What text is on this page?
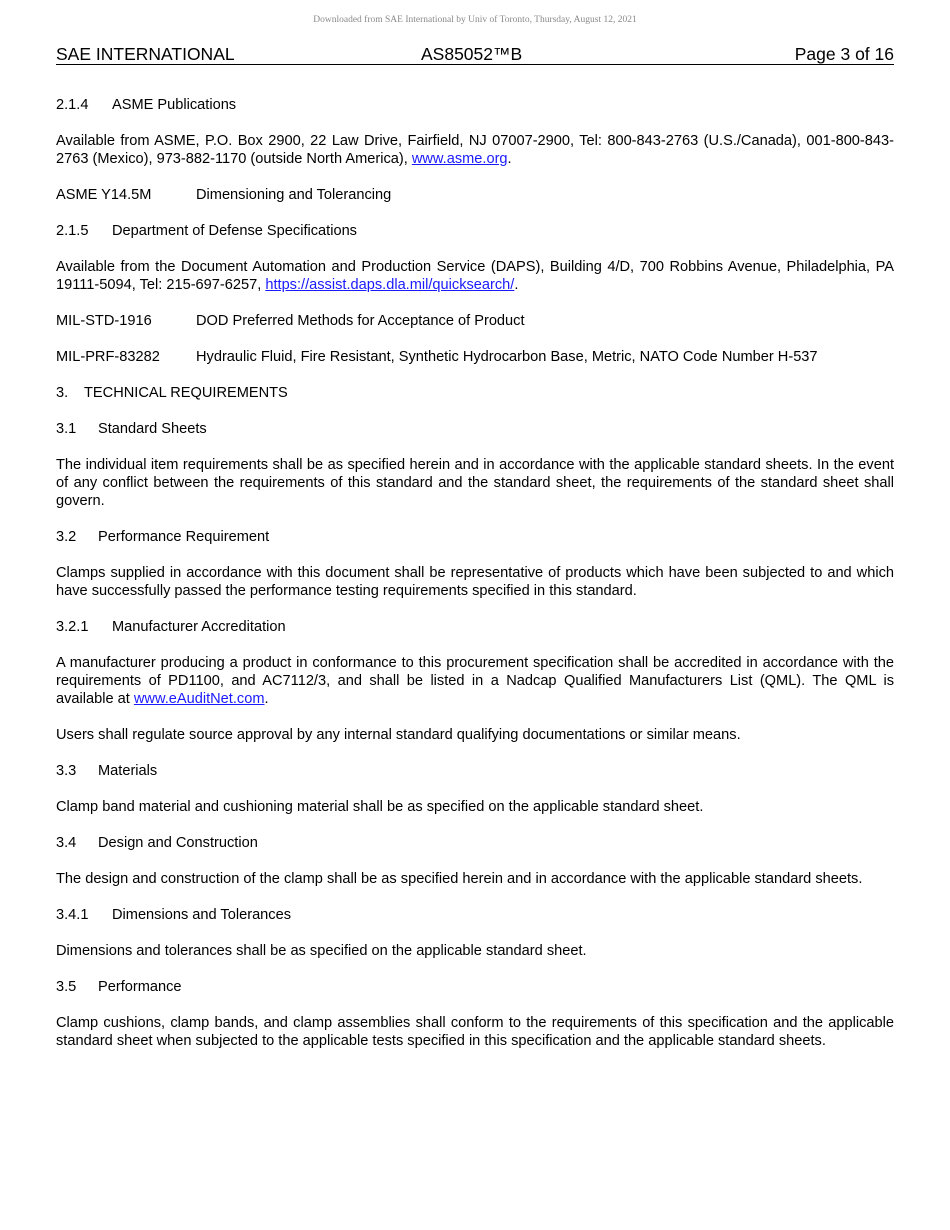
Downloaded from SAE International by Univ of Toronto, Thursday, August 12, 2021
SAE INTERNATIONAL	AS85052™B	Page 3 of 16
2.1.4 ASME Publications
Available from ASME, P.O. Box 2900, 22 Law Drive, Fairfield, NJ 07007-2900, Tel: 800-843-2763 (U.S./Canada), 001-800-843-2763 (Mexico), 973-882-1170 (outside North America), www.asme.org.
ASME Y14.5M	Dimensioning and Tolerancing
2.1.5 Department of Defense Specifications
Available from the Document Automation and Production Service (DAPS), Building 4/D, 700 Robbins Avenue, Philadelphia, PA 19111-5094, Tel: 215-697-6257, https://assist.daps.dla.mil/quicksearch/.
MIL-STD-1916	DOD Preferred Methods for Acceptance of Product
MIL-PRF-83282 Hydraulic Fluid, Fire Resistant, Synthetic Hydrocarbon Base, Metric, NATO Code Number H-537
3. TECHNICAL REQUIREMENTS
3.1 Standard Sheets
The individual item requirements shall be as specified herein and in accordance with the applicable standard sheets. In the event of any conflict between the requirements of this standard and the standard sheet, the requirements of the standard sheet shall govern.
3.2 Performance Requirement
Clamps supplied in accordance with this document shall be representative of products which have been subjected to and which have successfully passed the performance testing requirements specified in this standard.
3.2.1 Manufacturer Accreditation
A manufacturer producing a product in conformance to this procurement specification shall be accredited in accordance with the requirements of PD1100, and AC7112/3, and shall be listed in a Nadcap Qualified Manufacturers List (QML). The QML is available at www.eAuditNet.com.
Users shall regulate source approval by any internal standard qualifying documentations or similar means.
3.3 Materials
Clamp band material and cushioning material shall be as specified on the applicable standard sheet.
3.4 Design and Construction
The design and construction of the clamp shall be as specified herein and in accordance with the applicable standard sheets.
3.4.1 Dimensions and Tolerances
Dimensions and tolerances shall be as specified on the applicable standard sheet.
3.5 Performance
Clamp cushions, clamp bands, and clamp assemblies shall conform to the requirements of this specification and the applicable standard sheet when subjected to the applicable tests specified in this specification and the applicable standard sheets.
